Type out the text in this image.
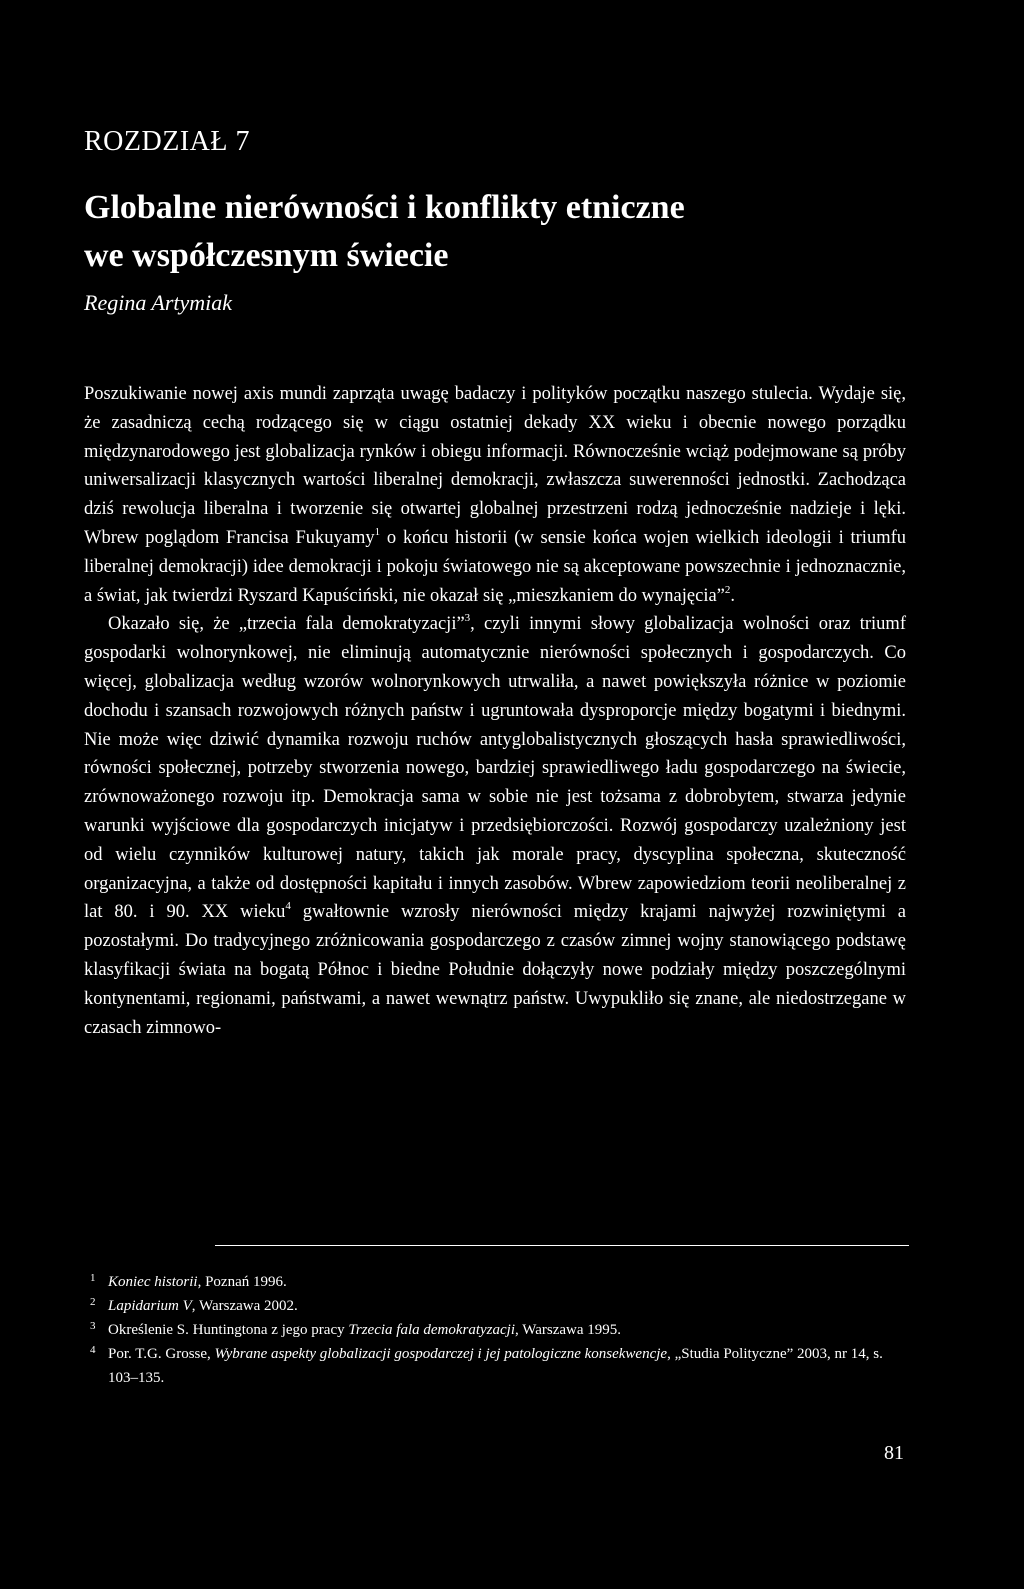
ROZDZIAŁ 7
Globalne nierówności i konflikty etniczne
we współczesnym świecie

Regina Artymiak

Poszukiwanie nowej axis mundi zaprząta uwagę badaczy i polityków początku naszego stulecia. Wydaje się, że zasadniczą cechą rodzącego się w ciągu ostatniej dekady XX wieku i obecnie nowego porządku międzynarodowego jest globalizacja rynków i obiegu informacji. Równocześnie wciąż podejmowane są próby uniwersalizacji klasycznych wartości liberalnej demokracji, zwłaszcza suwerenności jednostki. Zachodząca dziś rewolucja liberalna i tworzenie się otwartej globalnej przestrzeni rodzą jednocześnie nadzieje i lęki. Wbrew poglądom Francisa Fukuyamy$^1$ o końcu historii (w sensie końca wojen wielkich ideologii i triumfu liberalnej demokracji) idee demokracji i pokoju światowego nie są akceptowane powszechnie i jednoznacznie, a świat, jak twierdzi Ryszard Kapuściński, nie okazał się „mieszkaniem do wynajęcia”$^2$.

Okazało się, że „trzecia fala demokratyzacji”$^3$, czyli innymi słowy globalizacja wolności oraz triumf gospodarki wolnorynkowej, nie eliminują automatycznie nierówności społecznych i gospodarczych. Co więcej, globalizacja według wzorów wolnorynkowych utrwaliła, a nawet powiększyła różnice w poziomie dochodu i szansach rozwojowych różnych państw i ugruntowała dysproporcje między bogatymi i biednymi. Nie może więc dziwić dynamika rozwoju ruchów antyglobalistycznych głoszących hasła sprawiedliwości, równości społecznej, potrzeby stworzenia nowego, bardziej sprawiedliwego ładu gospodarczego na świecie, zrównoważonego rozwoju itp. Demokracja sama w sobie nie jest tożsama z dobrobytem, stwarza jedynie warunki wyjściowe dla gospodarczych inicjatyw i przedsiębiorczości. Rozwój gospodarczy uzależniony jest od wielu czynników kulturowej natury, takich jak morale pracy, dyscyplina społeczna, skuteczność organizacyjna, a także od dostępności kapitału i innych zasobów. Wbrew zapowiedziom teorii neoliberalnej z lat 80. i 90. XX wieku$^4$ gwałtownie wzrosły nierówności między krajami najwyżej rozwiniętymi a pozostałymi. Do tradycyjnego zróżnicowania gospodarczego z czasów zimnej wojny stanowiącego podstawę klasyfikacji świata na bogatą Północ i biedne Południe dołączyły nowe podziały między poszczególnymi kontynentami, regionami, państwami, a nawet wewnątrz państw. Uwypukliło się znane, ale niedostrzegane w czasach zimnowo-

1 Koniec historii, Poznań 1996.
2 Lapidarium V, Warszawa 2002.
3 Określenie S. Huntingtona z jego pracy Trzecia fala demokratyzacji, Warszawa 1995.
4 Por. T.G. Grosse, Wybrane aspekty globalizacji gospodarczej i jej patologiczne konsekwencje, „Studia Polityczne” 2003, nr 14, s. 103–135.
81
